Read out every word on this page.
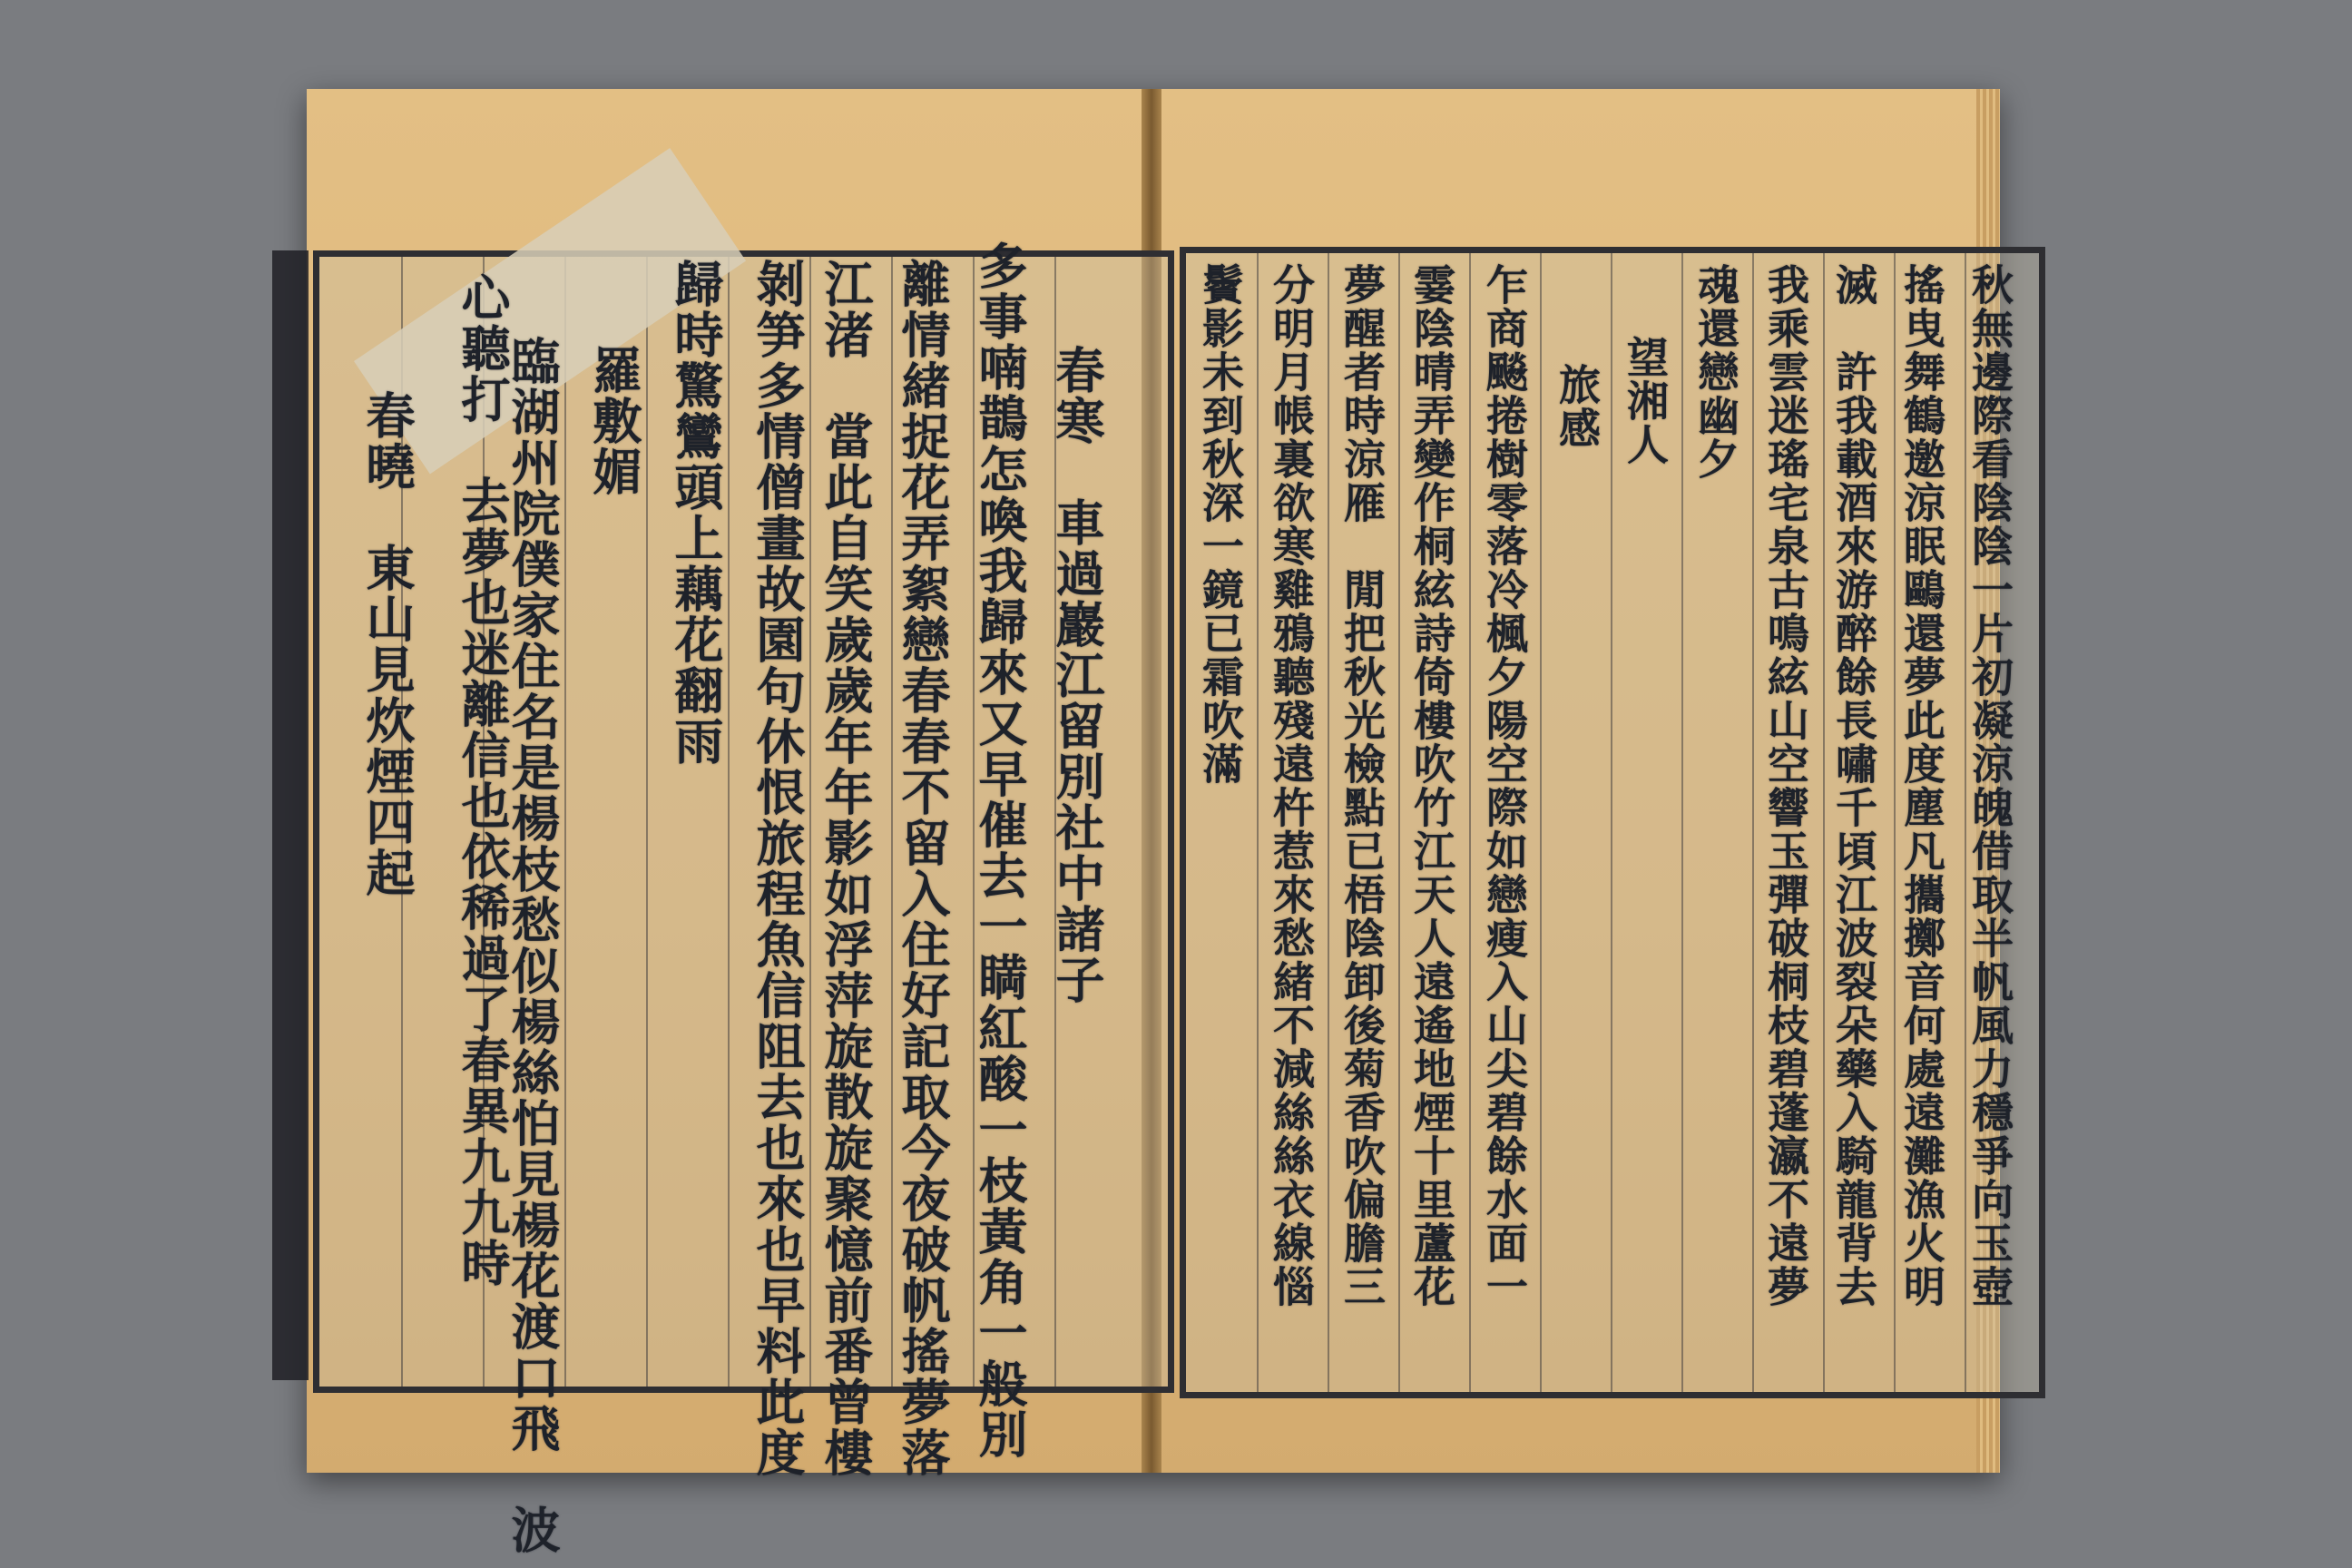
臨湖州院僕家住名是楊枝愁似楊絲怕見楊花渡口飛　波
心聽打　去夢也迷離信也依稀過了春異九九時
春曉　東山見炊煙四起	羅敷媚 歸時驚鸞頭上藕花翻雨 剝笋多情僧畫故園句休恨旅程魚信阻去也來也早料此度 江渚　當此自笑歲歲年年影如浮萍旋散旋聚憶前番曾樓 離情緒捉花弄絮戀春春不留入住好記取今夜破帆搖夢落 多事喃鵲怎喚我歸來又早催去一𥈞紅酸一枝黃角一般別 春寒　車過巖江留別社中諸子	秋無邊際看陰陰一片初凝涼魄借取半帆風力穩爭向玉壺
搖曳舞鶴邀涼眠鷗還夢此度塵凡攜擲音何處遠灘漁火明
滅　許我載酒來游醉餘長嘯千頃江波裂朵藥入騎龍背去
我乘雲迷瑤宅泉古鳴絃山空響玉彈破桐枝碧蓬瀛不遠夢
魂還戀幽夕
望湘人
旅感
乍商飈捲樹零落冷楓夕陽空際如戀瘦入山尖碧餘水面一
霎陰晴弄變作桐絃詩倚樓吹竹江天人遠遙地煙十里蘆花
夢醒者時涼雁　閒把秋光檢點已梧陰卸後菊香吹偏膽三
分明月帳裏欲寒雞鴉聽殘遠杵惹來愁緒不減絲絲衣線惱
鬢影未到秋深一鏡已霜吹滿
